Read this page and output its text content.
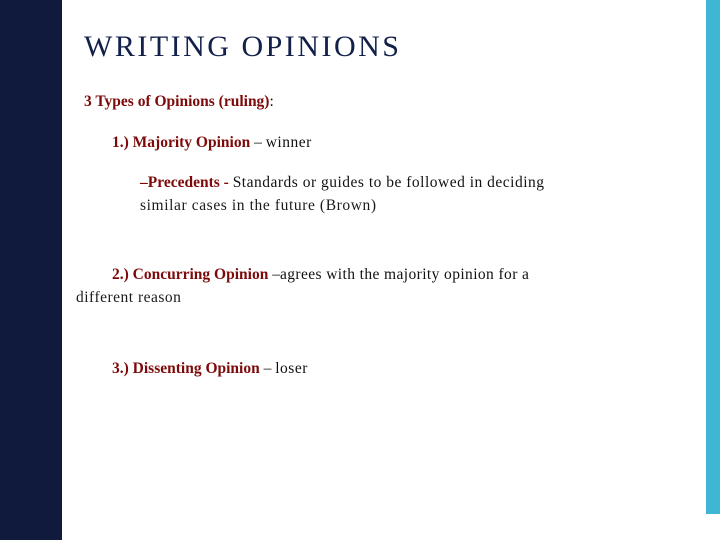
WRITING OPINIONS
3 Types of Opinions (ruling):
1.) Majority Opinion – winner
–Precedents - Standards or guides to be followed in deciding
similar cases in the future (Brown)
2.) Concurring Opinion –agrees with the majority opinion for a
different reason
3.) Dissenting Opinion – loser
